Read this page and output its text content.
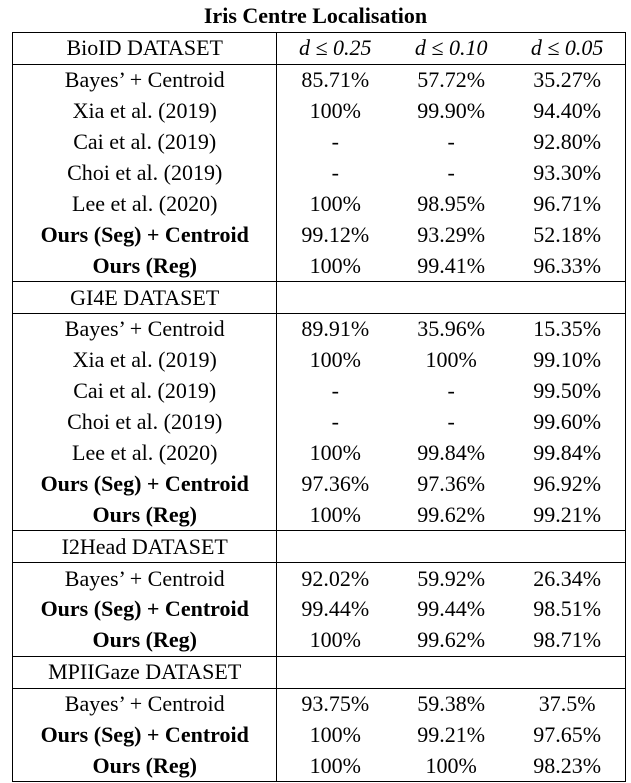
Iris Centre Localisation
BioID DATASET	d ≤ 0.25	d ≤ 0.10	d ≤ 0.05
Bayes’ + Centroid	85.71%	57.72%	35.27%
Xia et al. (2019)	100%	99.90%	94.40%
Cai et al. (2019)	-	-	92.80%
Choi et al. (2019)	-	-	93.30%
Lee et al. (2020)	100%	98.95%	96.71%
Ours (Seg) + Centroid	99.12%	93.29%	52.18%
Ours (Reg)	100%	99.41%	96.33%
GI4E DATASET			
Bayes’ + Centroid	89.91%	35.96%	15.35%
Xia et al. (2019)	100%	100%	99.10%
Cai et al. (2019)	-	-	99.50%
Choi et al. (2019)	-	-	99.60%
Lee et al. (2020)	100%	99.84%	99.84%
Ours (Seg) + Centroid	97.36%	97.36%	96.92%
Ours (Reg)	100%	99.62%	99.21%
I2Head DATASET			
Bayes’ + Centroid	92.02%	59.92%	26.34%
Ours (Seg) + Centroid	99.44%	99.44%	98.51%
Ours (Reg)	100%	99.62%	98.71%
MPIIGaze DATASET			
Bayes’ + Centroid	93.75%	59.38%	37.5%
Ours (Seg) + Centroid	100%	99.21%	97.65%
Ours (Reg)	100%	100%	98.23%
